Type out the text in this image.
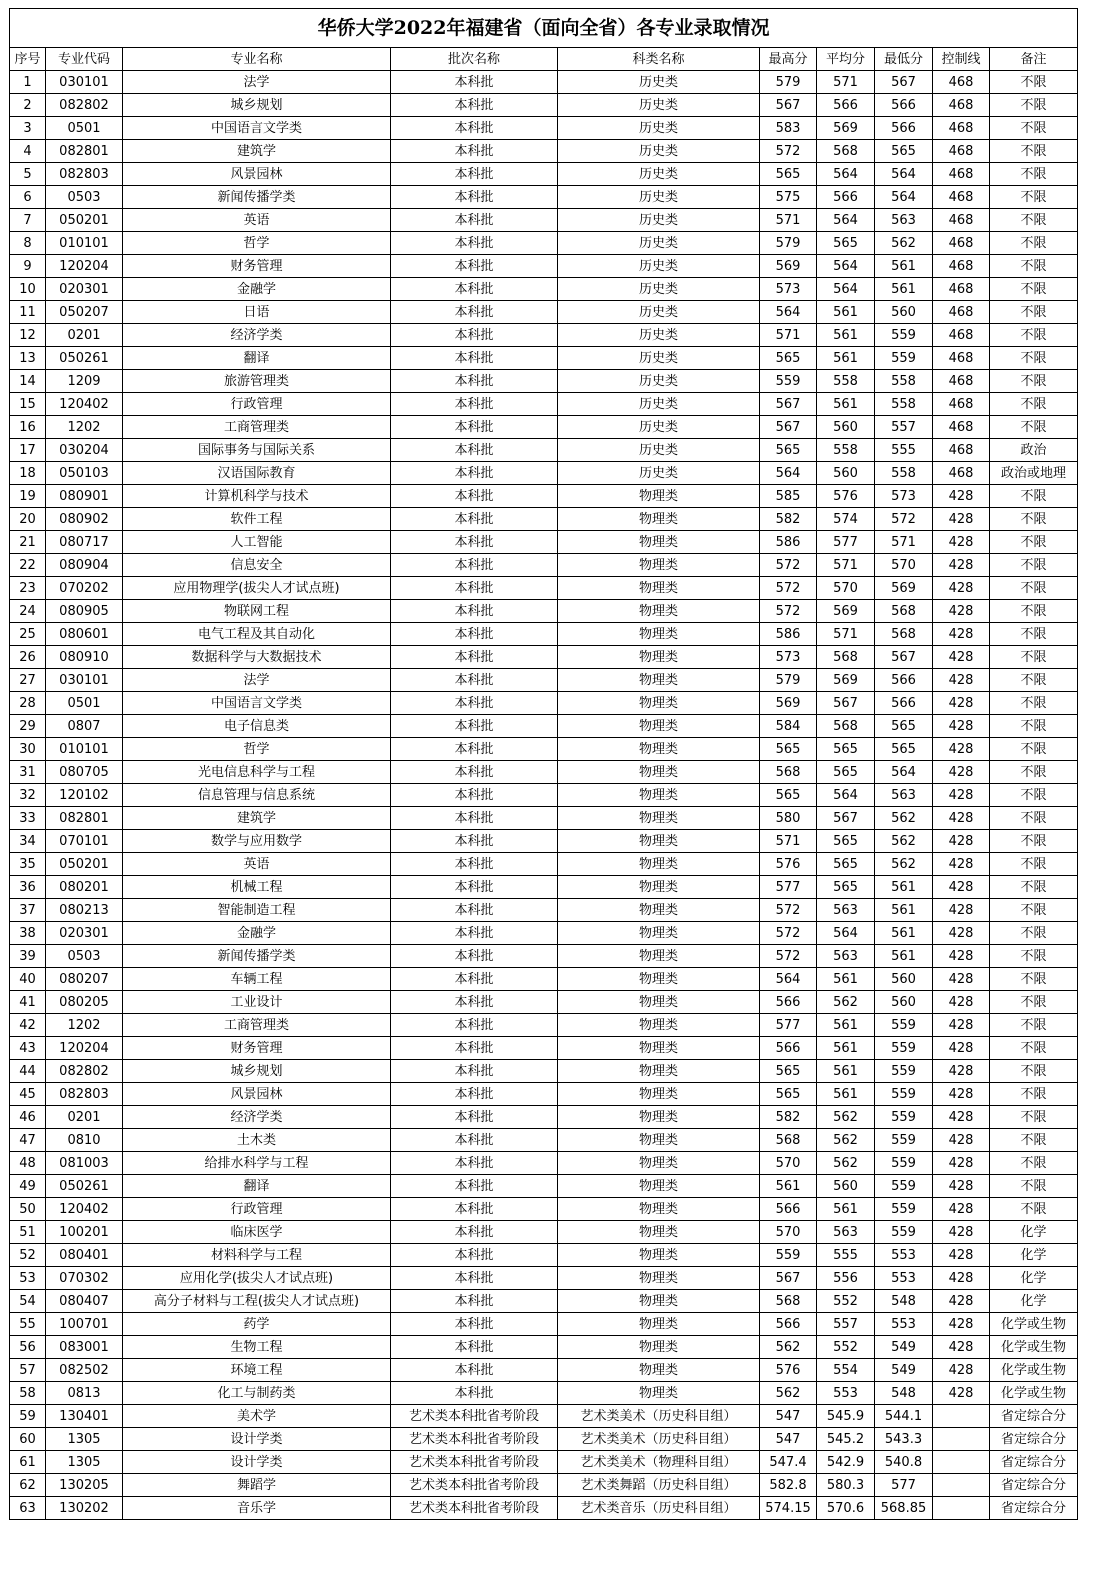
华侨大学2022年福建省（面向全省）各专业录取情况									
序号	专业代码	专业名称	批次名称	科类名称	最高分	平均分	最低分	控制线	备注
1	030101	法学	本科批	历史类	579	571	567	468	不限
2	082802	城乡规划	本科批	历史类	567	566	566	468	不限
3	0501	中国语言文学类	本科批	历史类	583	569	566	468	不限
4	082801	建筑学	本科批	历史类	572	568	565	468	不限
5	082803	风景园林	本科批	历史类	565	564	564	468	不限
6	0503	新闻传播学类	本科批	历史类	575	566	564	468	不限
7	050201	英语	本科批	历史类	571	564	563	468	不限
8	010101	哲学	本科批	历史类	579	565	562	468	不限
9	120204	财务管理	本科批	历史类	569	564	561	468	不限
10	020301	金融学	本科批	历史类	573	564	561	468	不限
11	050207	日语	本科批	历史类	564	561	560	468	不限
12	0201	经济学类	本科批	历史类	571	561	559	468	不限
13	050261	翻译	本科批	历史类	565	561	559	468	不限
14	1209	旅游管理类	本科批	历史类	559	558	558	468	不限
15	120402	行政管理	本科批	历史类	567	561	558	468	不限
16	1202	工商管理类	本科批	历史类	567	560	557	468	不限
17	030204	国际事务与国际关系	本科批	历史类	565	558	555	468	政治
18	050103	汉语国际教育	本科批	历史类	564	560	558	468	政治或地理
19	080901	计算机科学与技术	本科批	物理类	585	576	573	428	不限
20	080902	软件工程	本科批	物理类	582	574	572	428	不限
21	080717	人工智能	本科批	物理类	586	577	571	428	不限
22	080904	信息安全	本科批	物理类	572	571	570	428	不限
23	070202	应用物理学(拔尖人才试点班)	本科批	物理类	572	570	569	428	不限
24	080905	物联网工程	本科批	物理类	572	569	568	428	不限
25	080601	电气工程及其自动化	本科批	物理类	586	571	568	428	不限
26	080910	数据科学与大数据技术	本科批	物理类	573	568	567	428	不限
27	030101	法学	本科批	物理类	579	569	566	428	不限
28	0501	中国语言文学类	本科批	物理类	569	567	566	428	不限
29	0807	电子信息类	本科批	物理类	584	568	565	428	不限
30	010101	哲学	本科批	物理类	565	565	565	428	不限
31	080705	光电信息科学与工程	本科批	物理类	568	565	564	428	不限
32	120102	信息管理与信息系统	本科批	物理类	565	564	563	428	不限
33	082801	建筑学	本科批	物理类	580	567	562	428	不限
34	070101	数学与应用数学	本科批	物理类	571	565	562	428	不限
35	050201	英语	本科批	物理类	576	565	562	428	不限
36	080201	机械工程	本科批	物理类	577	565	561	428	不限
37	080213	智能制造工程	本科批	物理类	572	563	561	428	不限
38	020301	金融学	本科批	物理类	572	564	561	428	不限
39	0503	新闻传播学类	本科批	物理类	572	563	561	428	不限
40	080207	车辆工程	本科批	物理类	564	561	560	428	不限
41	080205	工业设计	本科批	物理类	566	562	560	428	不限
42	1202	工商管理类	本科批	物理类	577	561	559	428	不限
43	120204	财务管理	本科批	物理类	566	561	559	428	不限
44	082802	城乡规划	本科批	物理类	565	561	559	428	不限
45	082803	风景园林	本科批	物理类	565	561	559	428	不限
46	0201	经济学类	本科批	物理类	582	562	559	428	不限
47	0810	土木类	本科批	物理类	568	562	559	428	不限
48	081003	给排水科学与工程	本科批	物理类	570	562	559	428	不限
49	050261	翻译	本科批	物理类	561	560	559	428	不限
50	120402	行政管理	本科批	物理类	566	561	559	428	不限
51	100201	临床医学	本科批	物理类	570	563	559	428	化学
52	080401	材料科学与工程	本科批	物理类	559	555	553	428	化学
53	070302	应用化学(拔尖人才试点班)	本科批	物理类	567	556	553	428	化学
54	080407	高分子材料与工程(拔尖人才试点班)	本科批	物理类	568	552	548	428	化学
55	100701	药学	本科批	物理类	566	557	553	428	化学或生物
56	083001	生物工程	本科批	物理类	562	552	549	428	化学或生物
57	082502	环境工程	本科批	物理类	576	554	549	428	化学或生物
58	0813	化工与制药类	本科批	物理类	562	553	548	428	化学或生物
59	130401	美术学	艺术类本科批省考阶段	艺术类美术（历史科目组）	547	545.9	544.1		省定综合分
60	1305	设计学类	艺术类本科批省考阶段	艺术类美术（历史科目组）	547	545.2	543.3		省定综合分
61	1305	设计学类	艺术类本科批省考阶段	艺术类美术（物理科目组）	547.4	542.9	540.8		省定综合分
62	130205	舞蹈学	艺术类本科批省考阶段	艺术类舞蹈（历史科目组）	582.8	580.3	577		省定综合分
63	130202	音乐学	艺术类本科批省考阶段	艺术类音乐（历史科目组）	574.15	570.6	568.85		省定综合分
